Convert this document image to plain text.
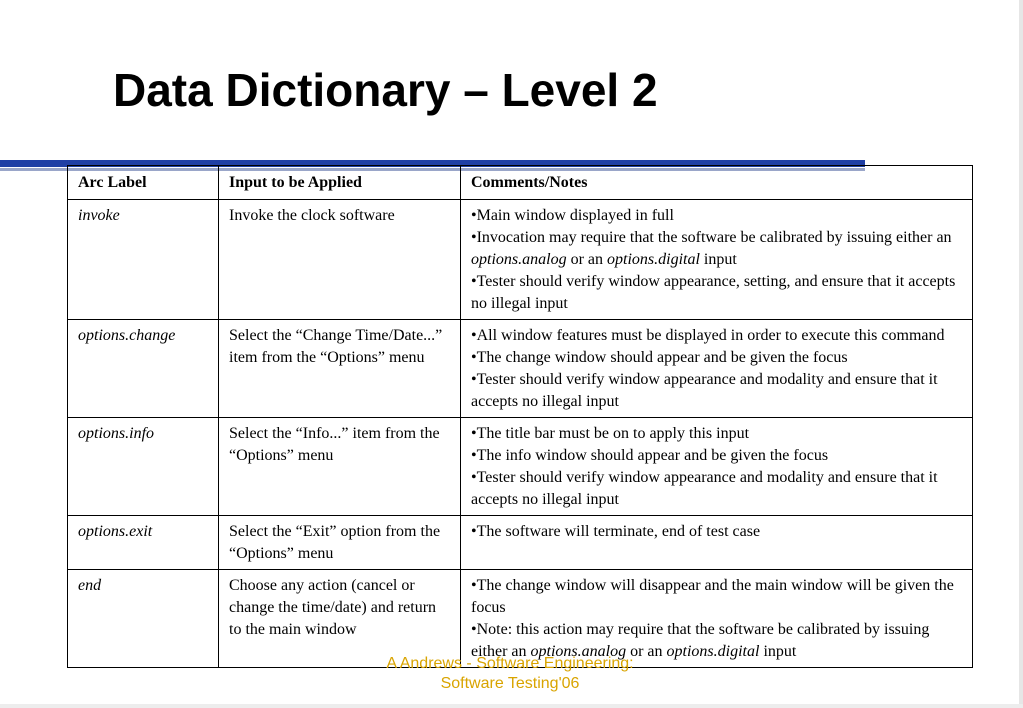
Data Dictionary – Level 2
Arc Label	Input to be Applied	Comments/Notes
invoke	Invoke the clock software	•Main window displayed in full
•Invocation may require that the software be calibrated by issuing either an options.analog or an options.digital input
•Tester should verify window appearance, setting, and ensure that it accepts no illegal input

options.change	Select the “Change Time/Date...” item from the “Options” menu	•All window features must be displayed in order to execute this command
•The change window should appear and be given the focus
•Tester should verify window appearance and modality and ensure that it accepts no illegal input

options.info	Select the “Info...” item from the “Options” menu	•The title bar must be on to apply this input
•The info window should appear and be given the focus
•Tester should verify window appearance and modality and ensure that it accepts no illegal input

options.exit	Select the “Exit” option from the “Options” menu	•The software will terminate, end of test case

end	Choose any action (cancel or change the time/date) and return to the main window	•The change window will disappear and the main window will be given the focus
•Note: this action may require that the software be calibrated by issuing either an options.analog or an options.digital input
A Andrews - Software Engineering:
Software Testing'06
